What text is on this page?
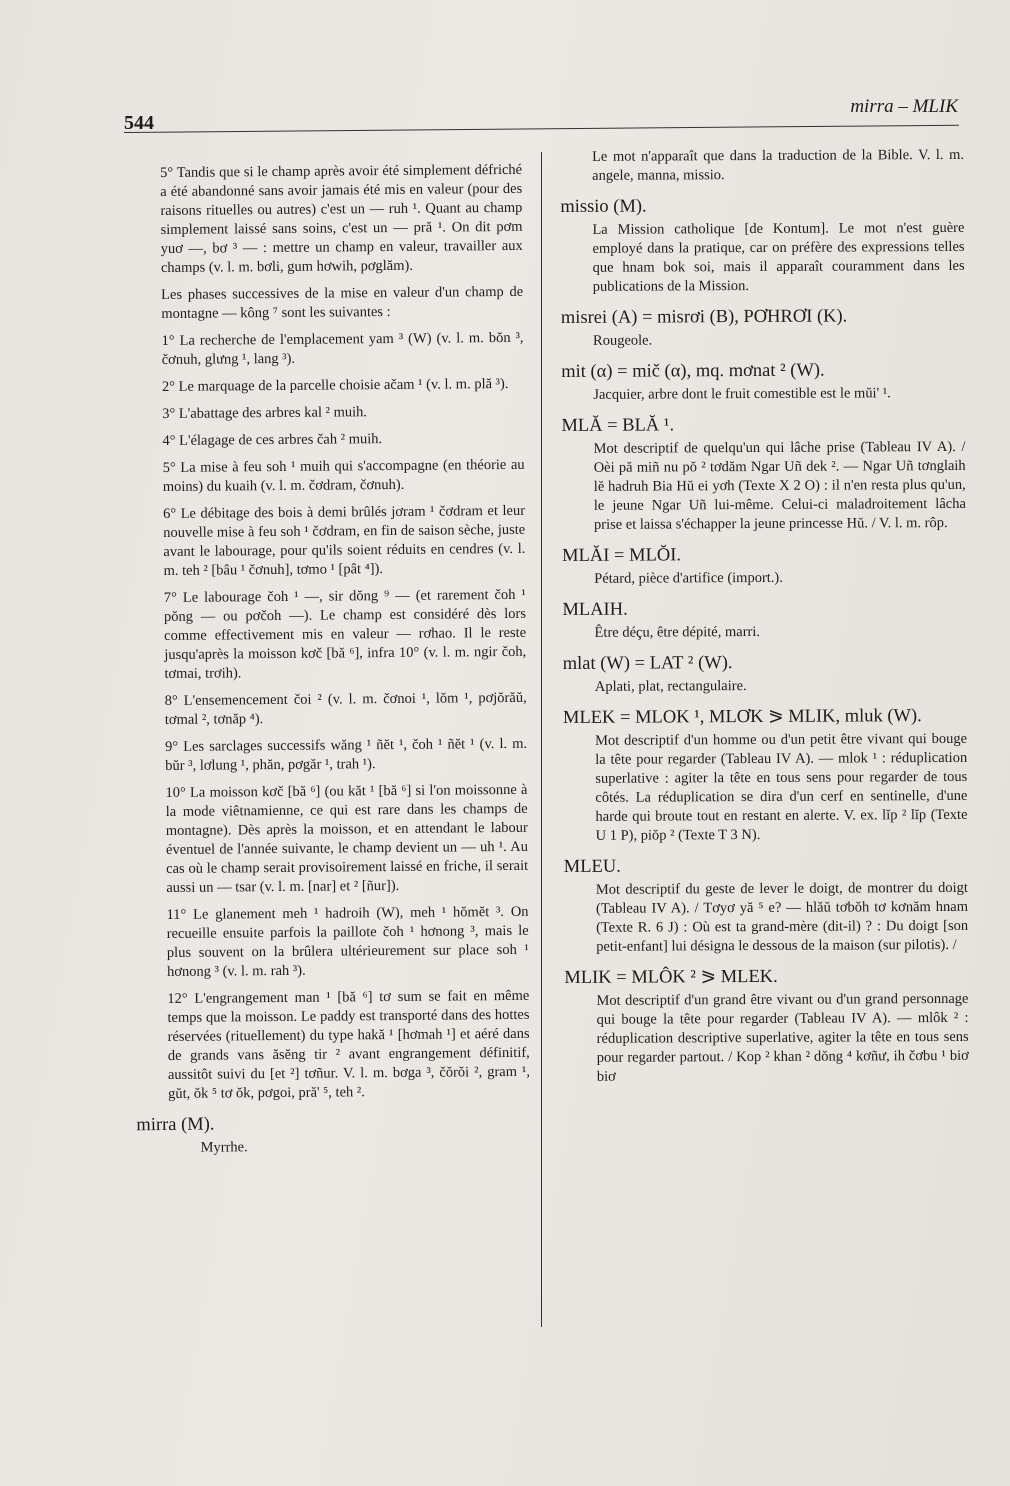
544
mirra – MLIK

5° Tandis que si le champ après avoir été simplement défriché a été abandonné sans avoir jamais été mis en valeur (pour des raisons rituelles ou autres) c'est un — ruh ¹. Quant au champ simplement laissé sans soins, c'est un — pră ¹. On dit pơm yuơ —, bơ ³ — : mettre un champ en valeur, travailler aux champs (v. l. m. bơli, gum hơwih, pơglăm).

Les phases successives de la mise en valeur d'un champ de montagne — kông ⁷ sont les suivantes :

1° La recherche de l'emplacement yam ³ (W) (v. l. m. bŏn ³, čơnuh, glưng ¹, lang ³).

2° Le marquage de la parcelle choisie ačam ¹ (v. l. m. plă ³).

3° L'abattage des arbres kal ² muih.

4° L'élagage de ces arbres čah ² muih.

5° La mise à feu soh ¹ muih qui s'accompagne (en théorie au moins) du kuaih (v. l. m. čơdram, čơnuh).

6° Le débitage des bois à demi brûlés jơram ¹ čơdram et leur nouvelle mise à feu soh ¹ čơdram, en fin de saison sèche, juste avant le labourage, pour qu'ils soient réduits en cendres (v. l. m. teh ² [bâu ¹ čơnuh], tơmo ¹ [pât ⁴]).

7° Le labourage čoh ¹ —, sir dŏng ⁹ — (et rarement čoh ¹ pŏng — ou pơčoh —). Le champ est considéré dès lors comme effectivement mis en valeur — rơhao. Il le reste jusqu'après la moisson kơč [bă ⁶], infra 10° (v. l. m. ngir čoh, tơmai, trơih).

8° L'ensemencement čoi ² (v. l. m. čơnoi ¹, lŏm ¹, pơjŏrăŭ, tơmal ², tơnăp ⁴).

9° Les sarclages successifs wăng ¹ ñĕt ¹, čoh ¹ ñĕt ¹ (v. l. m. bŭr ³, lơlung ¹, phăn, pơgăr ¹, trah ¹).

10° La moisson kơč [bă ⁶] (ou kăt ¹ [bă ⁶] si l'on moissonne à la mode viêtnamienne, ce qui est rare dans les champs de montagne). Dès après la moisson, et en attendant le labour éventuel de l'année suivante, le champ devient un — uh ¹. Au cas où le champ serait provisoirement laissé en friche, il serait aussi un — tsar (v. l. m. [nar] et ² [ñur]).

11° Le glanement meh ¹ hadroih (W), meh ¹ hŏmĕt ³. On recueille ensuite parfois la paillote čoh ¹ hơnong ³, mais le plus souvent on la brûlera ultérieurement sur place soh ¹ hơnong ³ (v. l. m. rah ³).

12° L'engrangement man ¹ [bă ⁶] tơ sum se fait en même temps que la moisson. Le paddy est transporté dans des hottes réservées (rituellement) du type hakă ¹ [hơmah ¹] et aéré dans de grands vans ăsĕng tir ² avant engrangement définitif, aussitôt suivi du [et ²] tơñur. V. l. m. bơga ³, čŏrŏi ², gram ¹, gŭt, ŏk ⁵ tơ ŏk, pơgoi, pră' ⁵, teh ².

mirra (M).
Myrrhe.

Le mot n'apparaît que dans la traduction de la Bible. V. l. m. angele, manna, missio.

missio (M).

La Mission catholique [de Kontum]. Le mot n'est guère employé dans la pratique, car on préfère des expressions telles que hnam bok soi, mais il apparaît couramment dans les publications de la Mission.

misrei (A) = misrơi (B), PƠHRƠI (K).

Rougeole.

mit (α) = mič (α), mq. mơnat ² (W).

Jacquier, arbre dont le fruit comestible est le mŭi' ¹.

MLĂ = BLĂ ¹.

Mot descriptif de quelqu'un qui lâche prise (Tableau IV A). / Oèi pă miñ nu pŏ ² tơdăm Ngar Uñ dek ². — Ngar Uñ tơnglaih lĕ hadruh Bia Hŭ ei yơh (Texte X 2 O) : il n'en resta plus qu'un, le jeune Ngar Uñ lui-même. Celui-ci maladroitement lâcha prise et laissa s'échapper la jeune princesse Hŭ. / V. l. m. rôp.

MLĂI = MLŎI.

Pétard, pièce d'artifice (import.).

MLAIH.

Être déçu, être dépité, marri.

mlat (W) = LAT ² (W).

Aplati, plat, rectangulaire.

MLEK = MLOK ¹, MLƠK ⪖ MLIK, mluk (W).

Mot descriptif d'un homme ou d'un petit être vivant qui bouge la tête pour regarder (Tableau IV A). — mlok ¹ : réduplication superlative : agiter la tête en tous sens pour regarder de tous côtés. La réduplication se dira d'un cerf en sentinelle, d'une harde qui broute tout en restant en alerte. V. ex. lĭp ² lĭp (Texte U 1 P), piŏp ² (Texte T 3 N).

MLEU.

Mot descriptif du geste de lever le doigt, de montrer du doigt (Tableau IV A). / Tơyơ yă ⁵ e? — hlăŭ tơbŏh tơ kơnăm hnam (Texte R. 6 J) : Où est ta grand-mère (dit-il) ? : Du doigt [son petit-enfant] lui désigna le dessous de la maison (sur pilotis). /

MLIK = MLÔK ² ⪖ MLEK.

Mot descriptif d'un grand être vivant ou d'un grand personnage qui bouge la tête pour regarder (Tableau IV A). — mlôk ² : réduplication descriptive superlative, agiter la tête en tous sens pour regarder partout. / Kop ² khan ² dŏng ⁴ kơñư, ih čơbu ¹ biơ biơ
